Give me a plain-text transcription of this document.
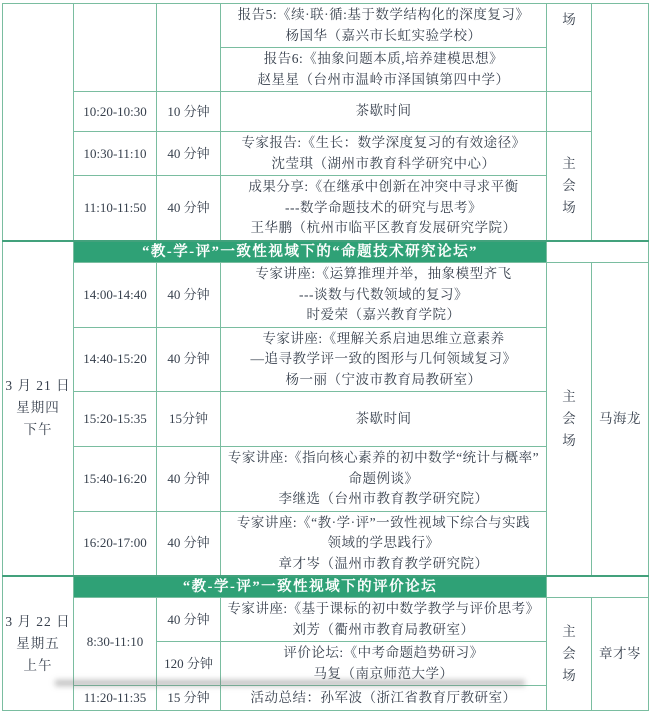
			报告5:《续·联·循:基于数学结构化的深度复习》
杨国华（嘉兴市长虹实验学校）	场	

			报告6:《抽象问题本质,培养建模思想》
赵星星（台州市温岭市泽国镇第四中学）		

	10:20-10:30	10 分钟	茶歇时间		

	10:30-11:10	40 分钟	专家报告:《生长：数学深度复习的有效途径》
沈莹琪（湖州市教育科学研究中心）	主会场	
	11:10-11:50	40 分钟	成果分享:《在继承中创新在冲突中寻求平衡
---数学命题技术的研究与思考》
王华鹏（杭州市临平区教育发展研究学院）		

3 月 21 日
星期四
下午	“教-学-评”一致性视域下的“命题技术研究论坛”				
	14:00-14:40	40 分钟	专家讲座:《运算推理并举，抽象模型齐飞
---谈数与代数领域的复习》
时爱荣（嘉兴教育学院）	主会场	马海龙
	14:40-15:20	40 分钟	专家讲座:《理解关系启迪思维立意素养
—追寻教学评一致的图形与几何领域复习》
杨一丽（宁波市教育局教研室）		

	15:20-15:35	15分钟	茶歇时间		

	15:40-16:20	40 分钟	专家讲座:《指向核心素养的初中数学“统计与概率”
命题例谈》
李继选（台州市教育教学研究院）		

	16:20-17:00	40 分钟	专家讲座:《“教·学·评”一致性视域下综合与实践
领域的学思践行》
章才岑（温州市教育教学研究院）		

3 月 22 日
星期五
上午	“教-学-评”一致性视域下的评价论坛				
	8:30-11:10	40 分钟	专家讲座:《基于课标的初中数学教学与评价思考》
刘芳（衢州市教育局教研室）	主会场	章才岑
		120 分钟	评价论坛:《中考命题趋势研习》
马复（南京师范大学）		

	11:20-11:35	15 分钟	活动总结：孙军波（浙江省教育厅教研室）		
